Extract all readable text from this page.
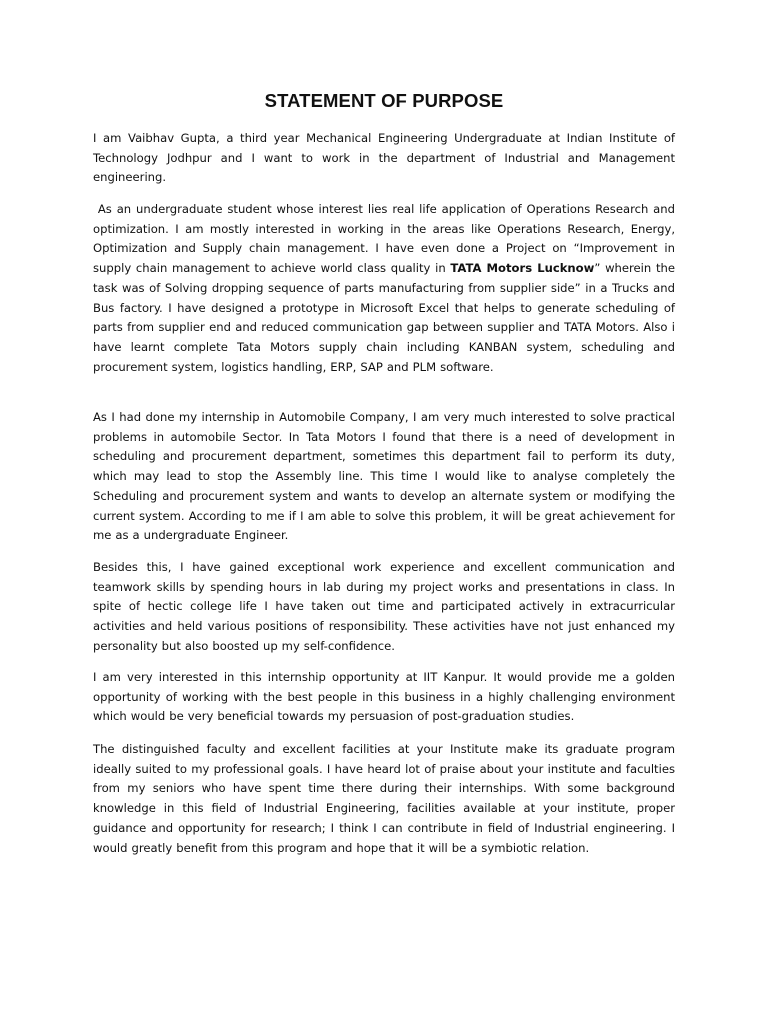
STATEMENT OF PURPOSE

I am Vaibhav Gupta, a third year Mechanical Engineering Undergraduate at Indian Institute of Technology Jodhpur and I want to work in the department of Industrial and Management engineering.

As an undergraduate student whose interest lies real life application of Operations Research and optimization. I am mostly interested in working in the areas like Operations Research, Energy, Optimization and Supply chain management. I have even done a Project on “Improvement in supply chain management to achieve world class quality in TATA Motors Lucknow” wherein the task was of Solving dropping sequence of parts manufacturing from supplier side” in a Trucks and Bus factory. I have designed a prototype in Microsoft Excel that helps to generate scheduling of parts from supplier end and reduced communication gap between supplier and TATA Motors. Also i have learnt complete Tata Motors supply chain including KANBAN system, scheduling and procurement system, logistics handling, ERP, SAP and PLM software.

As I had done my internship in Automobile Company, I am very much interested to solve practical problems in automobile Sector. In Tata Motors I found that there is a need of development in scheduling and procurement department, sometimes this department fail to perform its duty, which may lead to stop the Assembly line. This time I would like to analyse completely the Scheduling and procurement system and wants to develop an alternate system or modifying the current system. According to me if I am able to solve this problem, it will be great achievement for me as a undergraduate Engineer.

Besides this, I have gained exceptional work experience and excellent communication and teamwork skills by spending hours in lab during my project works and presentations in class. In spite of hectic college life I have taken out time and participated actively in extracurricular activities and held various positions of responsibility. These activities have not just enhanced my personality but also boosted up my self-confidence.

I am very interested in this internship opportunity at IIT Kanpur. It would provide me a golden opportunity of working with the best people in this business in a highly challenging environment which would be very beneficial towards my persuasion of post-graduation studies.

The distinguished faculty and excellent facilities at your Institute make its graduate program ideally suited to my professional goals. I have heard lot of praise about your institute and faculties from my seniors who have spent time there during their internships. With some background knowledge in this field of Industrial Engineering, facilities available at your institute, proper guidance and opportunity for research; I think I can contribute in field of Industrial engineering. I would greatly benefit from this program and hope that it will be a symbiotic relation.
